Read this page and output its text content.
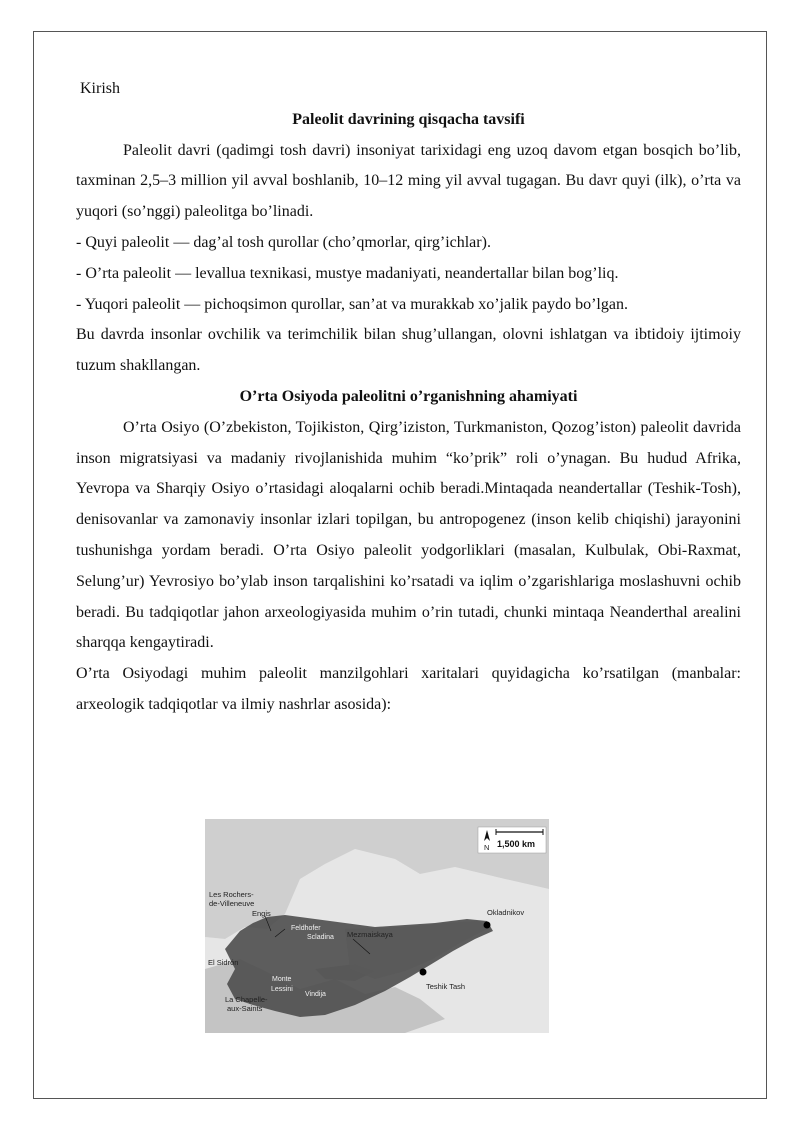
Kirish

Paleolit davrining qisqacha tavsifi

Paleolit davri (qadimgi tosh davri) insoniyat tarixidagi eng uzoq davom etgan bosqich bo’lib, taxminan 2,5–3 million yil avval boshlanib, 10–12 ming yil avval tugagan. Bu davr quyi (ilk), o’rta va yuqori (so’nggi) paleolitga bo’linadi.

- Quyi paleolit — dag’al tosh qurollar (cho’qmorlar, qirg’ichlar).

- O’rta paleolit — levallua texnikasi, mustye madaniyati, neandertallar bilan bog’liq.

- Yuqori paleolit — pichoqsimon qurollar, san’at va murakkab xo’jalik paydo bo’lgan.

Bu davrda insonlar ovchilik va terimchilik bilan shug’ullangan, olovni ishlatgan va ibtidoiy ijtimoiy tuzum shakllangan.

O’rta Osiyoda paleolitni o’rganishning ahamiyati

O’rta Osiyo (O’zbekiston, Tojikiston, Qirg’iziston, Turkmaniston, Qozog’iston) paleolit davrida inson migratsiyasi va madaniy rivojlanishida muhim “ko’prik” roli o’ynagan. Bu hudud Afrika, Yevropa va Sharqiy Osiyo o’rtasidagi aloqalarni ochib beradi.Mintaqada neandertallar (Teshik-Tosh), denisovanlar va zamonaviy insonlar izlari topilgan, bu antropogenez (inson kelib chiqishi) jarayonini tushunishga yordam beradi. O’rta Osiyo paleolit yodgorliklari (masalan, Kulbulak, Obi-Raxmat, Selung’ur) Yevrosiyo bo’ylab inson tarqalishini ko’rsatadi va iqlim o’zgarishlariga moslashuvni ochib beradi. Bu tadqiqotlar jahon arxeologiyasida muhim o’rin tutadi, chunki mintaqa Neanderthal arealini sharqqa kengaytiradi.

O’rta Osiyodagi muhim paleolit manzilgohlari xaritalari quyidagicha ko’rsatilgan (manbalar: arxeologik tadqiqotlar va ilmiy nashrlar asosida):

Les Rochers-
de-Villeneuve
Engis
Feldhofer
Scladina
El Sidrón
Monte
Lessini
La Chapelle-
aux-Saints
Vindija
Mezmaiskaya
Okladnikov
Teshik Tash
N 1,500 km
